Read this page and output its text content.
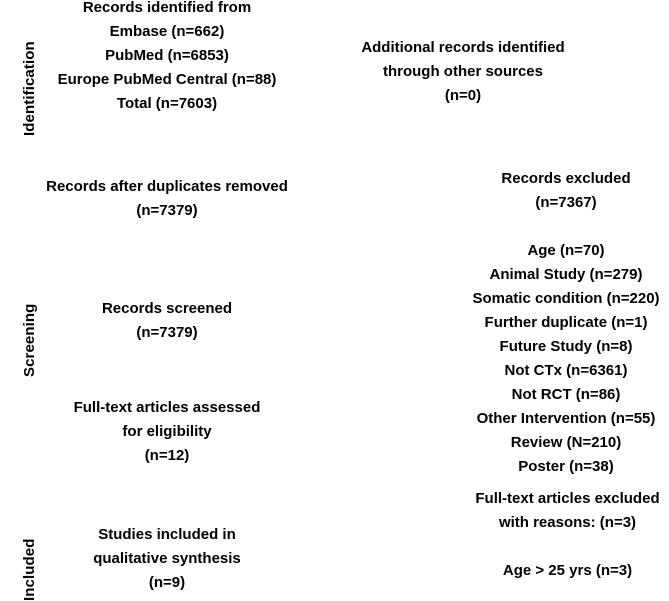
Identification
Screening
Included
Records identified from
Embase (n=662)
PubMed (n=6853)
Europe PubMed Central (n=88)
Total (n=7603)
Additional records identified
through other sources
(n=0)
Records after duplicates removed
(n=7379)
Records excluded
(n=7367)
Age (n=70)
Animal Study (n=279)
Somatic condition (n=220)
Further duplicate (n=1)
Future Study (n=8)
Not CTx (n=6361)
Not RCT (n=86)
Other Intervention (n=55)
Review (N=210)
Poster (n=38)
Records screened
(n=7379)
Full-text articles assessed
for eligibility
(n=12)
Full-text articles excluded
with reasons: (n=3)
Age > 25 yrs (n=3)
Studies included in
qualitative synthesis
(n=9)
